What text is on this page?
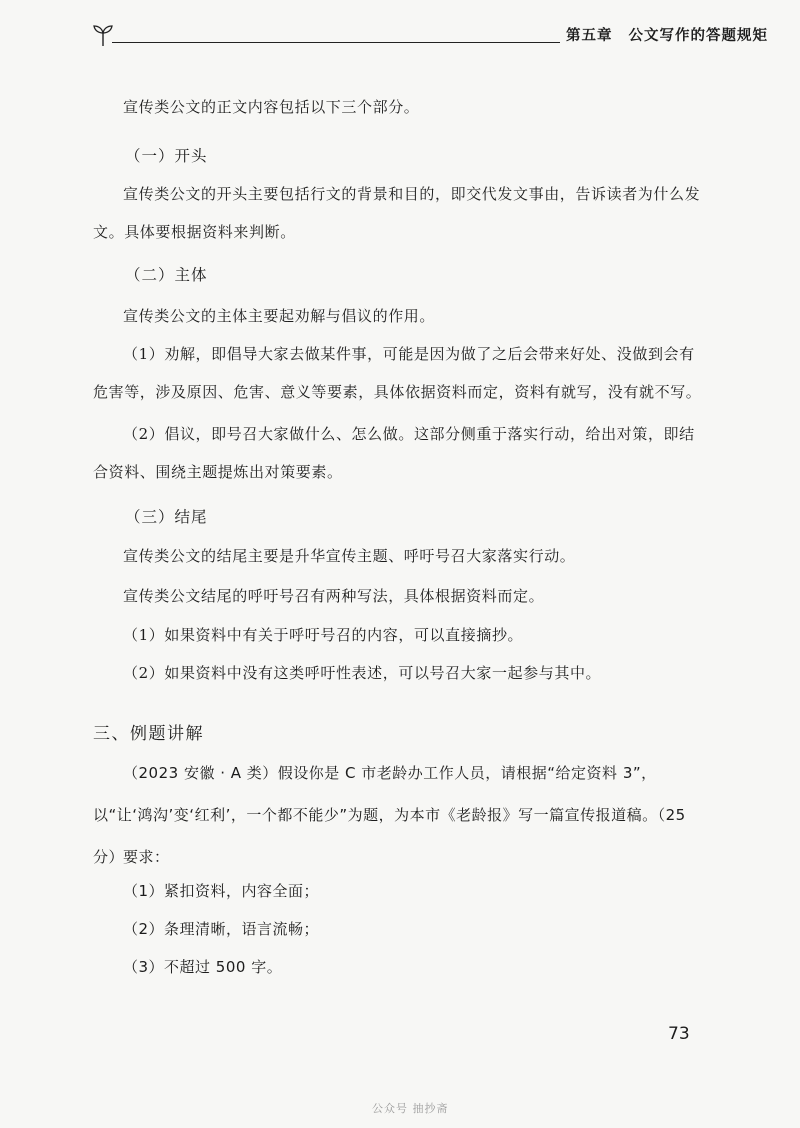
第五章 公文写作的答题规矩
宣传类公文的正文内容包括以下三个部分。
（一）开头
宣传类公文的开头主要包括行文的背景和目的，即交代发文事由，告诉读者为什么发文。具体要根据资料来判断。
（二）主体
宣传类公文的主体主要起劝解与倡议的作用。
（1）劝解，即倡导大家去做某件事，可能是因为做了之后会带来好处、没做到会有危害等，涉及原因、危害、意义等要素，具体依据资料而定，资料有就写，没有就不写。
（2）倡议，即号召大家做什么、怎么做。这部分侧重于落实行动，给出对策，即结合资料、围绕主题提炼出对策要素。
（三）结尾
宣传类公文的结尾主要是升华宣传主题、呼吁号召大家落实行动。
宣传类公文结尾的呼吁号召有两种写法，具体根据资料而定。
（1）如果资料中有关于呼吁号召的内容，可以直接摘抄。
（2）如果资料中没有这类呼吁性表述，可以号召大家一起参与其中。
三、例题讲解
（2023 安徽 · A 类）假设你是 C 市老龄办工作人员，请根据“给定资料 3”，以“让‘鸿沟’变‘红利’，一个都不能少”为题，为本市《老龄报》写一篇宣传报道稿。（25 分）
要求：
（1）紧扣资料，内容全面；
（2）条理清晰，语言流畅；
（3）不超过 500 字。
73
公众号 抽抄斋
